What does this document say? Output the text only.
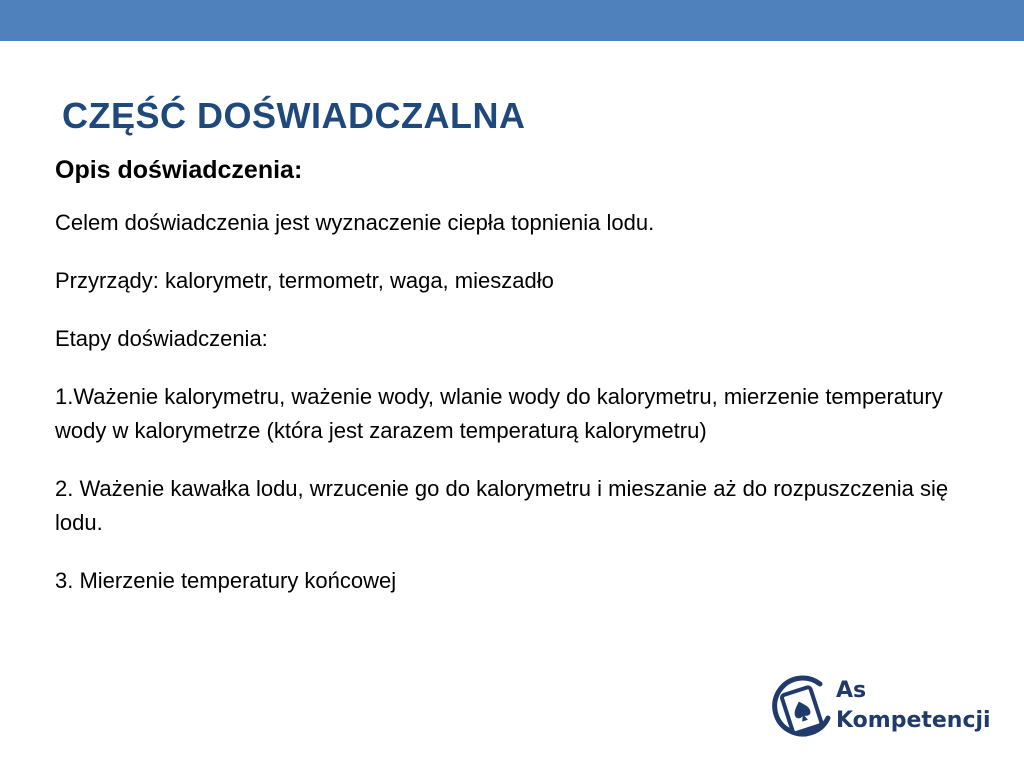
CZĘŚĆ DOŚWIADCZALNA

Opis doświadczenia:

Celem doświadczenia jest wyznaczenie ciepła topnienia lodu.

Przyrządy: kalorymetr, termometr, waga, mieszadło

Etapy doświadczenia:

1.Ważenie kalorymetru, ważenie wody, wlanie wody do kalorymetru, mierzenie temperatury wody w kalorymetrze (która jest zarazem temperaturą kalorymetru)

2. Ważenie kawałka lodu, wrzucenie go do kalorymetru i mieszanie aż do rozpuszczenia się lodu.

3. Mierzenie temperatury końcowej

As
Kompetencji
